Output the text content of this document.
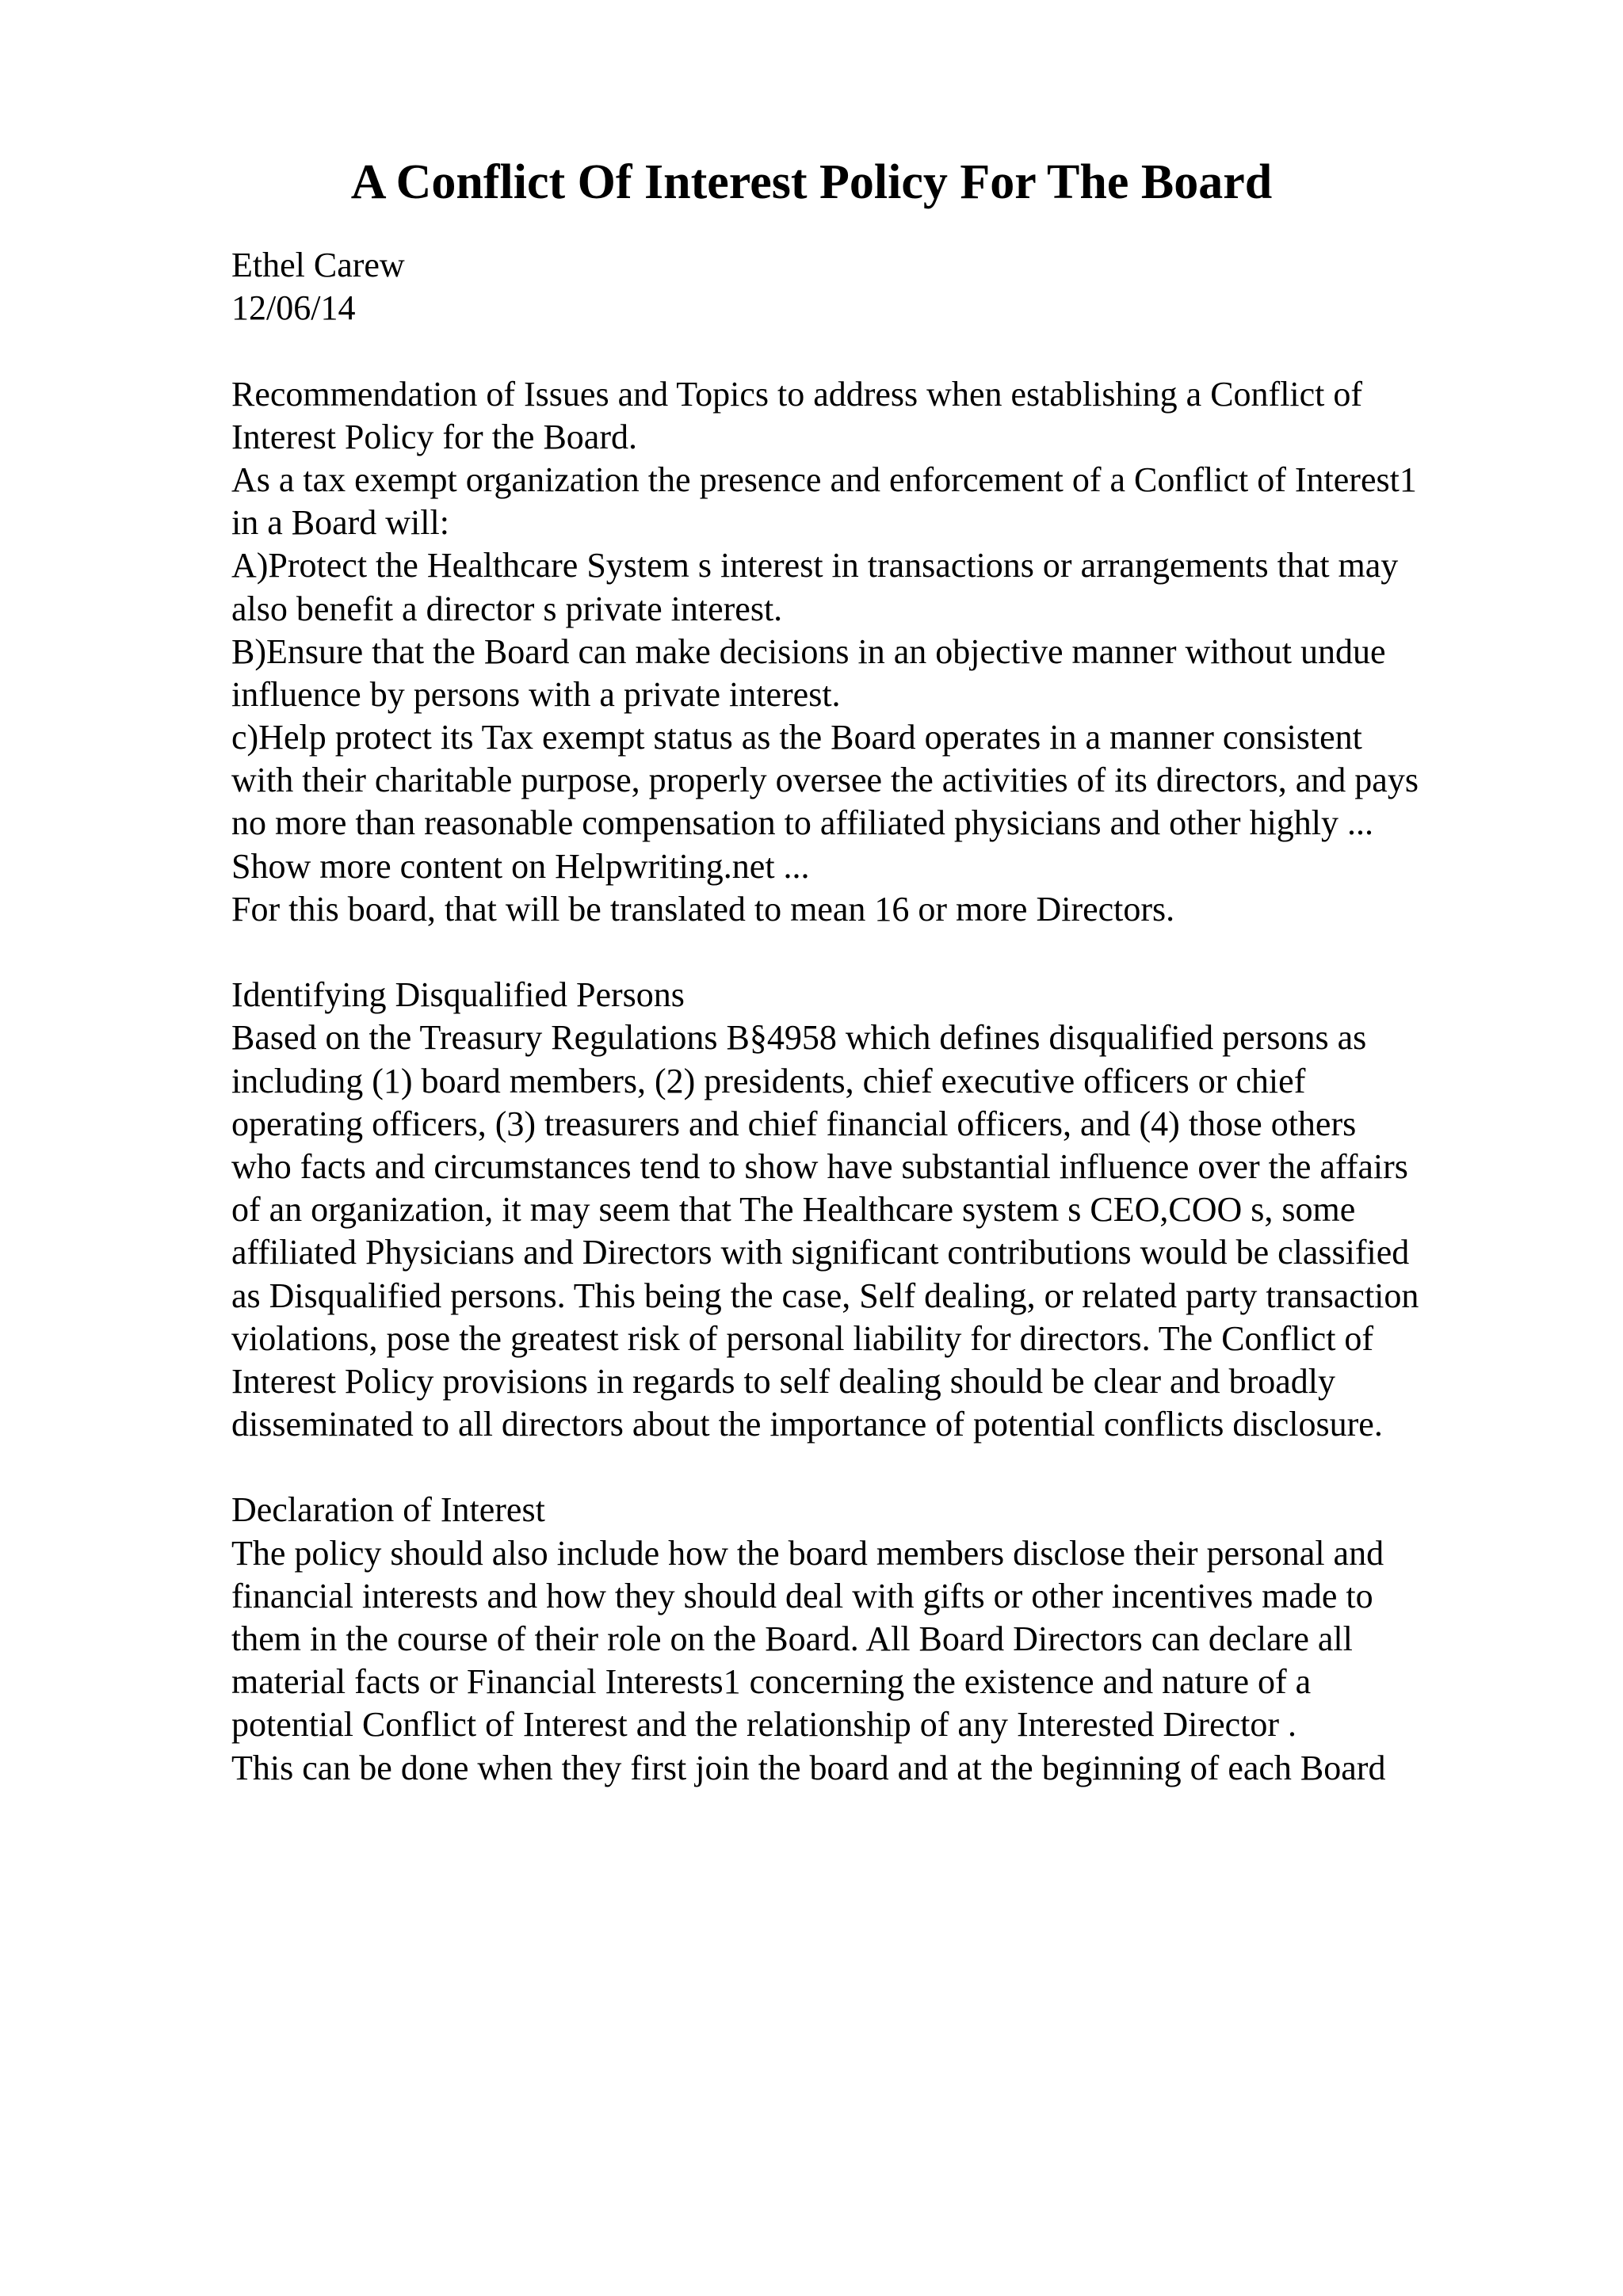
A Conflict Of Interest Policy For The Board
Ethel Carew
12/06/14
Recommendation of Issues and Topics to address when establishing a Conflict of
Interest Policy for the Board.
As a tax exempt organization the presence and enforcement of a Conflict of Interest1
in a Board will:
A)Protect the Healthcare System s interest in transactions or arrangements that may
also benefit a director s private interest.
B)Ensure that the Board can make decisions in an objective manner without undue
influence by persons with a private interest.
c)Help protect its Tax exempt status as the Board operates in a manner consistent
with their charitable purpose, properly oversee the activities of its directors, and pays
no more than reasonable compensation to affiliated physicians and other highly ...
Show more content on Helpwriting.net ...
For this board, that will be translated to mean 16 or more Directors.
Identifying Disqualified Persons
Based on the Treasury Regulations B§4958 which defines disqualified persons as
including (1) board members, (2) presidents, chief executive officers or chief
operating officers, (3) treasurers and chief financial officers, and (4) those others
who facts and circumstances tend to show have substantial influence over the affairs
of an organization, it may seem that The Healthcare system s CEO,COO s, some
affiliated Physicians and Directors with significant contributions would be classified
as Disqualified persons. This being the case, Self dealing, or related party transaction
violations, pose the greatest risk of personal liability for directors. The Conflict of
Interest Policy provisions in regards to self dealing should be clear and broadly
disseminated to all directors about the importance of potential conflicts disclosure.
Declaration of Interest
The policy should also include how the board members disclose their personal and
financial interests and how they should deal with gifts or other incentives made to
them in the course of their role on the Board. All Board Directors can declare all
material facts or Financial Interests1 concerning the existence and nature of a
potential Conflict of Interest and the relationship of any Interested Director .
This can be done when they first join the board and at the beginning of each Board
